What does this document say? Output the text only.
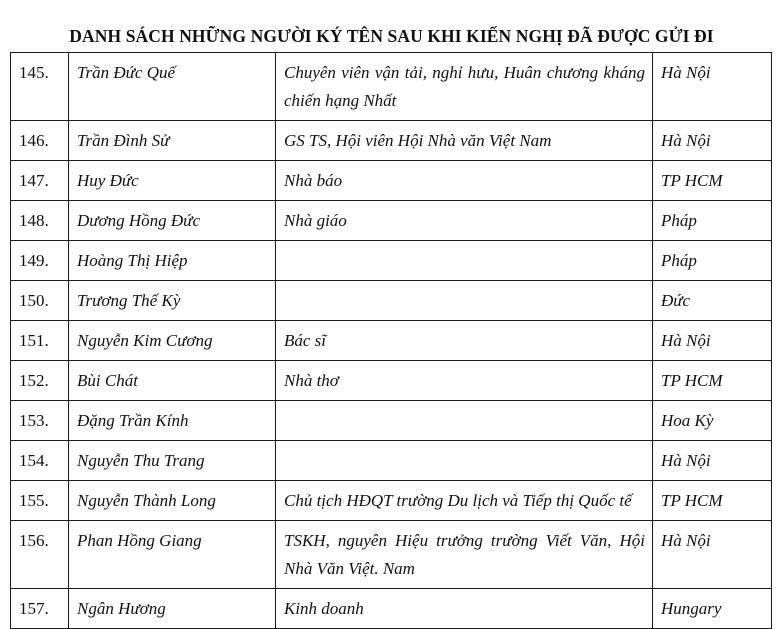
DANH SÁCH NHỮNG NGƯỜI KÝ TÊN SAU KHI KIẾN NGHỊ ĐÃ ĐƯỢC GỬI ĐI
145.	Trần Đức Quế	Chuyên viên vận tải, nghỉ hưu, Huân chương kháng chiến hạng Nhất	Hà Nội
146.	Trần Đình Sử	GS TS, Hội viên Hội Nhà văn Việt Nam	Hà Nội
147.	Huy Đức	Nhà báo	TP HCM
148.	Dương Hồng Đức	Nhà giáo	Pháp
149.	Hoàng Thị Hiệp		Pháp
150.	Trương Thế Kỳ		Đức
151.	Nguyễn Kim Cương	Bác sĩ	Hà Nội
152.	Bùi Chát	Nhà thơ	TP HCM
153.	Đặng Trần Kính		Hoa Kỳ
154.	Nguyễn Thu Trang		Hà Nội
155.	Nguyễn Thành Long	Chủ tịch HĐQT trường Du lịch và Tiếp thị Quốc tế	TP HCM
156.	Phan Hồng Giang	TSKH, nguyên Hiệu trưởng trường Viết Văn, Hội Nhà Văn Việt. Nam	Hà Nội
157.	Ngân Hương	Kinh doanh	Hungary
